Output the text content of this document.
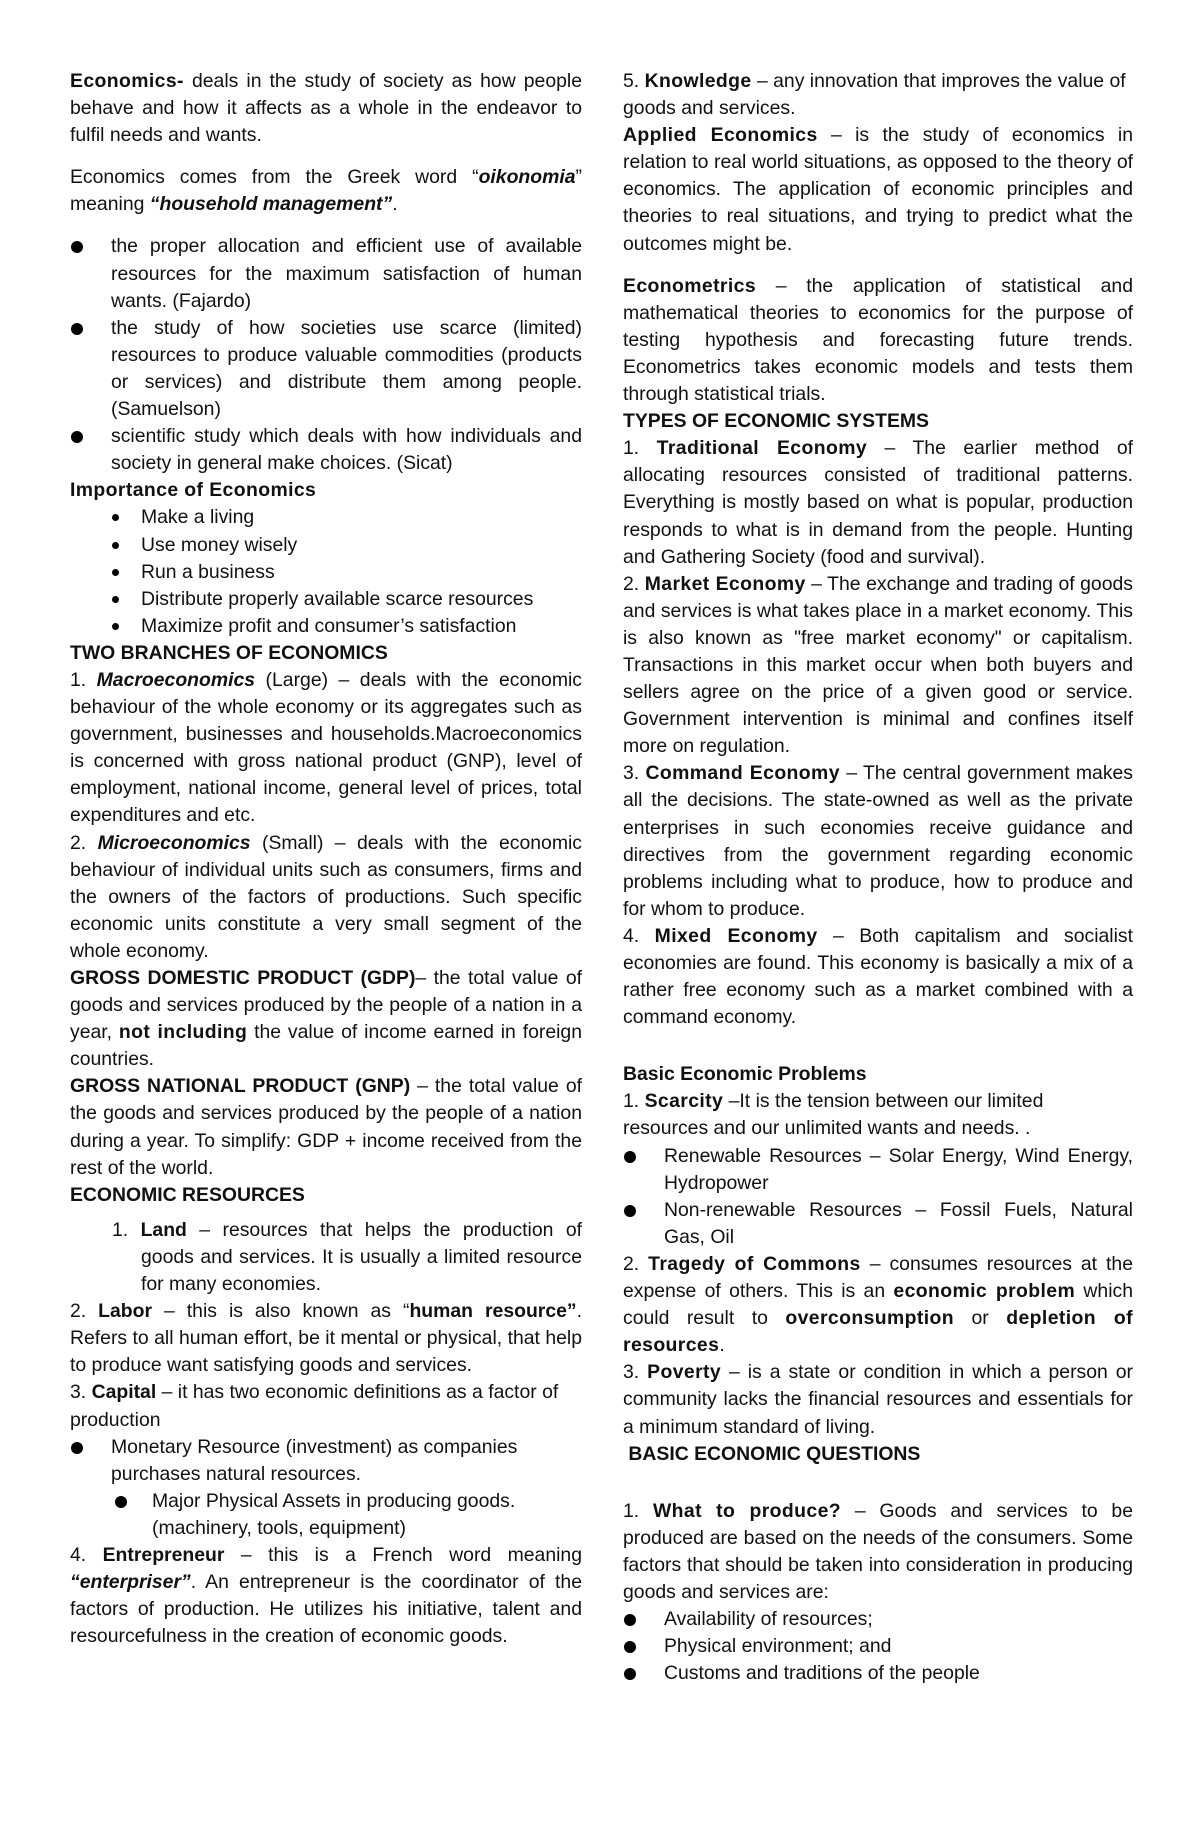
Economics- deals in the study of society as how people behave and how it affects as a whole in the endeavor to fulfil needs and wants.

Economics comes from the Greek word “oikonomia” meaning “household management”.

the proper allocation and efficient use of available resources for the maximum satisfaction of human wants. (Fajardo)
the study of how societies use scarce (limited) resources to produce valuable commodities (products or services) and distribute them among people. (Samuelson)
scientific study which deals with how individuals and society in general make choices. (Sicat)

Importance of Economics

Make a living
Use money wisely
Run a business
Distribute properly available scarce resources
Maximize profit and consumer’s satisfaction

TWO BRANCHES OF ECONOMICS

1. Macroeconomics (Large) – deals with the economic behaviour of the whole economy or its aggregates such as government, businesses and households.Macroeconomics is concerned with gross national product (GNP), level of employment, national income, general level of prices, total expenditures and etc.

2. Microeconomics (Small) – deals with the economic behaviour of individual units such as consumers, firms and the owners of the factors of productions. Such specific economic units constitute a very small segment of the whole economy.

GROSS DOMESTIC PRODUCT (GDP)– the total value of goods and services produced by the people of a nation in a year, not including the value of income earned in foreign countries.

GROSS NATIONAL PRODUCT (GNP) – the total value of the goods and services produced by the people of a nation during a year. To simplify: GDP + income received from the rest of the world.

ECONOMIC RESOURCES

1. Land – resources that helps the production of goods and services. It is usually a limited resource for many economies.

2. Labor – this is also known as “human resource”. Refers to all human effort, be it mental or physical, that help to produce want satisfying goods and services.

3. Capital – it has two economic definitions as a factor of production

Monetary Resource (investment) as companies purchases natural resources.
Major Physical Assets in producing goods. (machinery, tools, equipment)

4. Entrepreneur – this is a French word meaning “enterpriser”. An entrepreneur is the coordinator of the factors of production. He utilizes his initiative, talent and resourcefulness in the creation of economic goods.

5. Knowledge – any innovation that improves the value of goods and services.

Applied Economics – is the study of economics in relation to real world situations, as opposed to the theory of economics. The application of economic principles and theories to real situations, and trying to predict what the outcomes might be.

Econometrics – the application of statistical and mathematical theories to economics for the purpose of testing hypothesis and forecasting future trends. Econometrics takes economic models and tests them through statistical trials.

TYPES OF ECONOMIC SYSTEMS

1. Traditional Economy – The earlier method of allocating resources consisted of traditional patterns. Everything is mostly based on what is popular, production responds to what is in demand from the people. Hunting and Gathering Society (food and survival).

2. Market Economy – The exchange and trading of goods and services is what takes place in a market economy. This is also known as "free market economy" or capitalism. Transactions in this market occur when both buyers and sellers agree on the price of a given good or service. Government intervention is minimal and confines itself more on regulation.

3. Command Economy – The central government makes all the decisions. The state-owned as well as the private enterprises in such economies receive guidance and directives from the government regarding economic problems including what to produce, how to produce and for whom to produce.

4. Mixed Economy – Both capitalism and socialist economies are found. This economy is basically a mix of a rather free economy such as a market combined with a command economy.

Basic Economic Problems

1. Scarcity –It is the tension between our limited resources and our unlimited wants and needs. .

Renewable Resources – Solar Energy, Wind Energy, Hydropower
Non-renewable Resources – Fossil Fuels, Natural Gas, Oil

2. Tragedy of Commons – consumes resources at the expense of others. This is an economic problem which could result to overconsumption or depletion of resources.

3. Poverty – is a state or condition in which a person or community lacks the financial resources and essentials for a minimum standard of living.

BASIC ECONOMIC QUESTIONS

1. What to produce? – Goods and services to be produced are based on the needs of the consumers. Some factors that should be taken into consideration in producing goods and services are:

Availability of resources;
Physical environment; and
Customs and traditions of the people
